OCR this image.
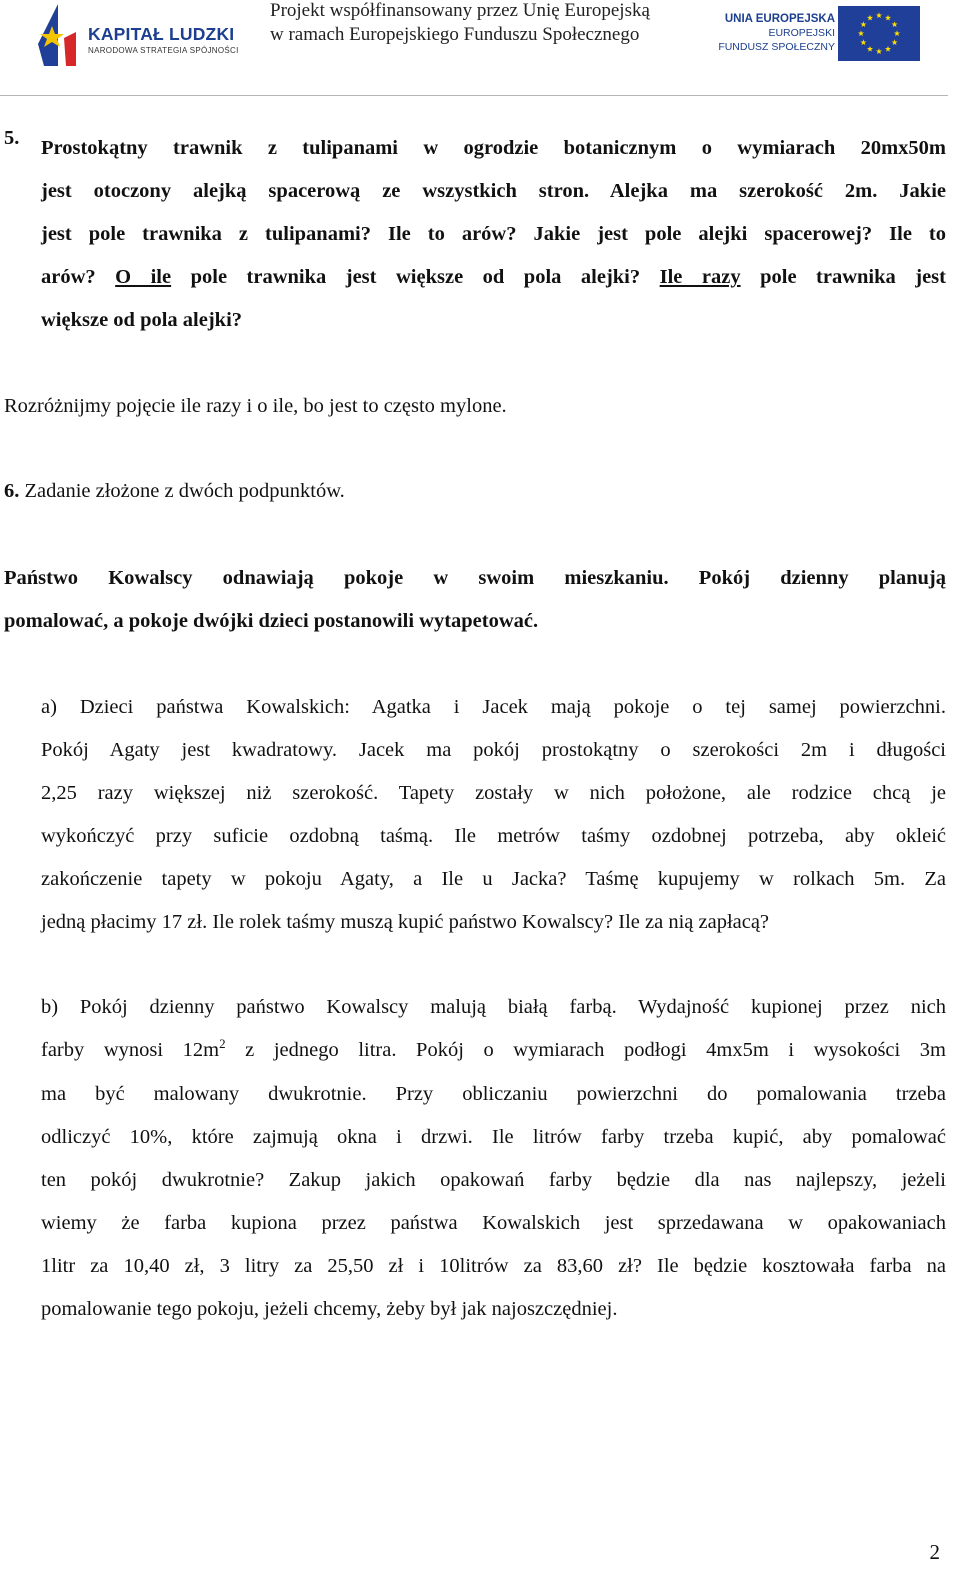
KAPITAŁ LUDZKI
NARODOWA STRATEGIA SPÓJNOŚCI
Projekt współfinansowany przez Unię Europejską
w ramach Europejskiego Funduszu Społecznego
UNIA EUROPEJSKA
EUROPEJSKI
FUNDUSZ SPOŁECZNY
5. Prostokątny trawnik z tulipanami w ogrodzie botanicznym o wymiarach 20mx50m
jest otoczony alejką spacerową ze wszystkich stron. Alejka ma szerokość 2m. Jakie
jest pole trawnika z tulipanami? Ile to arów? Jakie jest pole alejki spacerowej? Ile to
arów? O ile pole trawnika jest większe od pola alejki? Ile razy pole trawnika jest
większe od pola alejki?
Rozróżnijmy pojęcie ile razy i o ile, bo jest to często mylone.
6. Zadanie złożone z dwóch podpunktów.
Państwo Kowalscy odnawiają pokoje w swoim mieszkaniu. Pokój dzienny planują
pomalować, a pokoje dwójki dzieci postanowili wytapetować.
a) Dzieci państwa Kowalskich: Agatka i Jacek mają pokoje o tej samej powierzchni.
Pokój Agaty jest kwadratowy. Jacek ma pokój prostokątny o szerokości 2m i długości
2,25 razy większej niż szerokość. Tapety zostały w nich położone, ale rodzice chcą je
wykończyć przy suficie ozdobną taśmą. Ile metrów taśmy ozdobnej potrzeba, aby okleić
zakończenie tapety w pokoju Agaty, a Ile u Jacka? Taśmę kupujemy w rolkach 5m. Za
jedną płacimy 17 zł. Ile rolek taśmy muszą kupić państwo Kowalscy? Ile za nią zapłacą?
b) Pokój dzienny państwo Kowalscy malują białą farbą. Wydajność kupionej przez nich
farby wynosi $12m^2$ z jednego litra. Pokój o wymiarach podłogi 4mx5m i wysokości 3m
ma być malowany dwukrotnie. Przy obliczaniu powierzchni do pomalowania trzeba
odliczyć 10%, które zajmują okna i drzwi. Ile litrów farby trzeba kupić, aby pomalować
ten pokój dwukrotnie? Zakup jakich opakowań farby będzie dla nas najlepszy, jeżeli
wiemy że farba kupiona przez państwa Kowalskich jest sprzedawana w opakowaniach
1litr za 10,40 zł, 3 litry za 25,50 zł i 10litrów za 83,60 zł? Ile będzie kosztowała farba na
pomalowanie tego pokoju, jeżeli chcemy, żeby był jak najoszczędniej.
2
